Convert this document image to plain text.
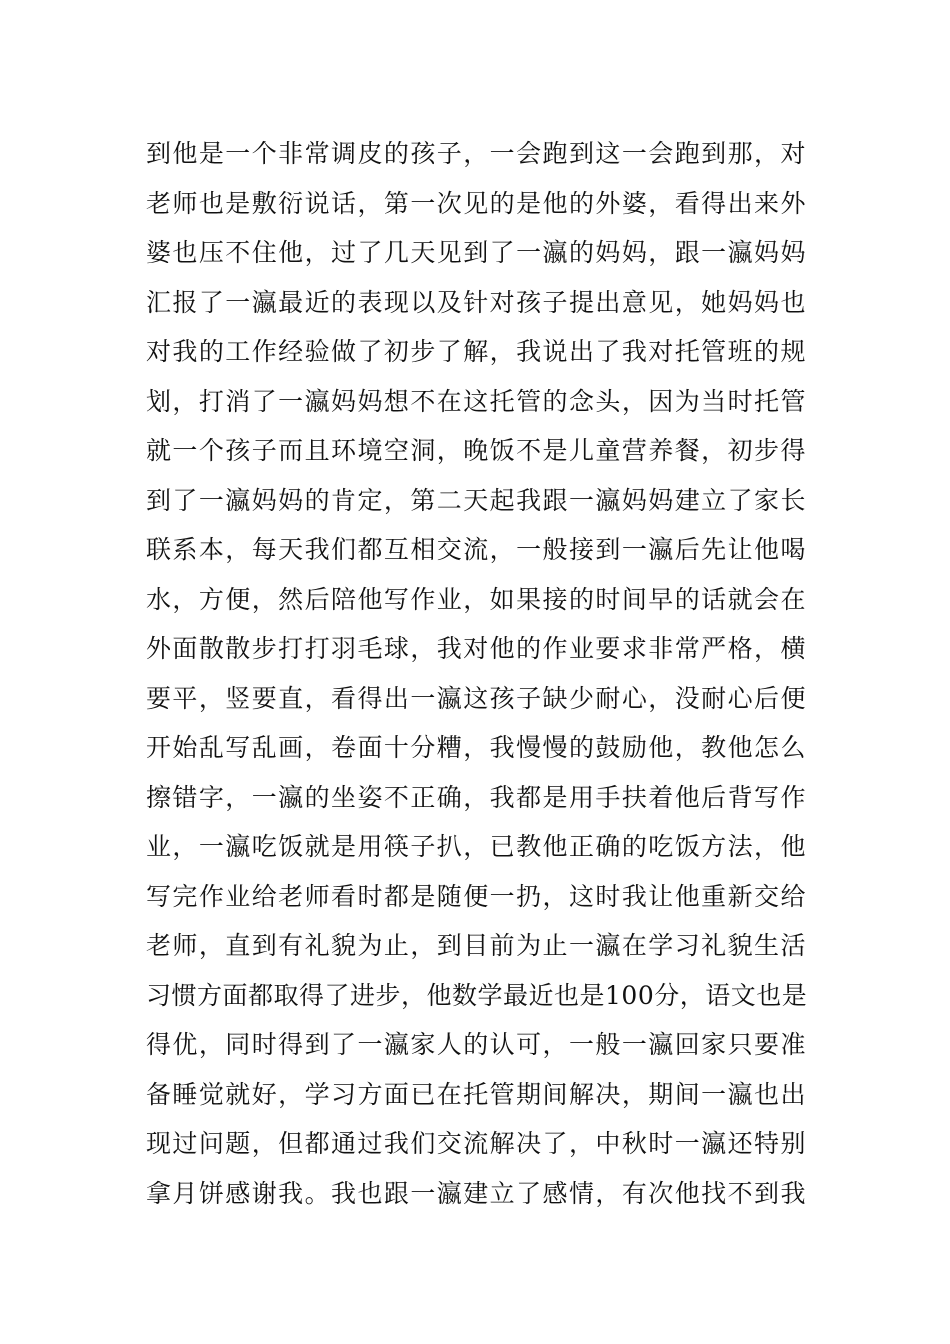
到他是一个非常调皮的孩子，一会跑到这一会跑到那，对
老师也是敷衍说话，第一次见的是他的外婆，看得出来外
婆也压不住他，过了几天见到了一瀛的妈妈，跟一瀛妈妈
汇报了一瀛最近的表现以及针对孩子提出意见，她妈妈也
对我的工作经验做了初步了解，我说出了我对托管班的规
划，打消了一瀛妈妈想不在这托管的念头，因为当时托管
就一个孩子而且环境空洞，晚饭不是儿童营养餐，初步得
到了一瀛妈妈的肯定，第二天起我跟一瀛妈妈建立了家长
联系本，每天我们都互相交流，一般接到一瀛后先让他喝
水，方便，然后陪他写作业，如果接的时间早的话就会在
外面散散步打打羽毛球，我对他的作业要求非常严格，横
要平，竖要直，看得出一瀛这孩子缺少耐心，没耐心后便
开始乱写乱画，卷面十分糟，我慢慢的鼓励他，教他怎么
擦错字，一瀛的坐姿不正确，我都是用手扶着他后背写作
业，一瀛吃饭就是用筷子扒，已教他正确的吃饭方法，他
写完作业给老师看时都是随便一扔，这时我让他重新交给
老师，直到有礼貌为止，到目前为止一瀛在学习礼貌生活
习惯方面都取得了进步，他数学最近也是100分，语文也是
得优，同时得到了一瀛家人的认可，一般一瀛回家只要准
备睡觉就好，学习方面已在托管期间解决，期间一瀛也出
现过问题，但都通过我们交流解决了，中秋时一瀛还特别
拿月饼感谢我。我也跟一瀛建立了感情，有次他找不到我
